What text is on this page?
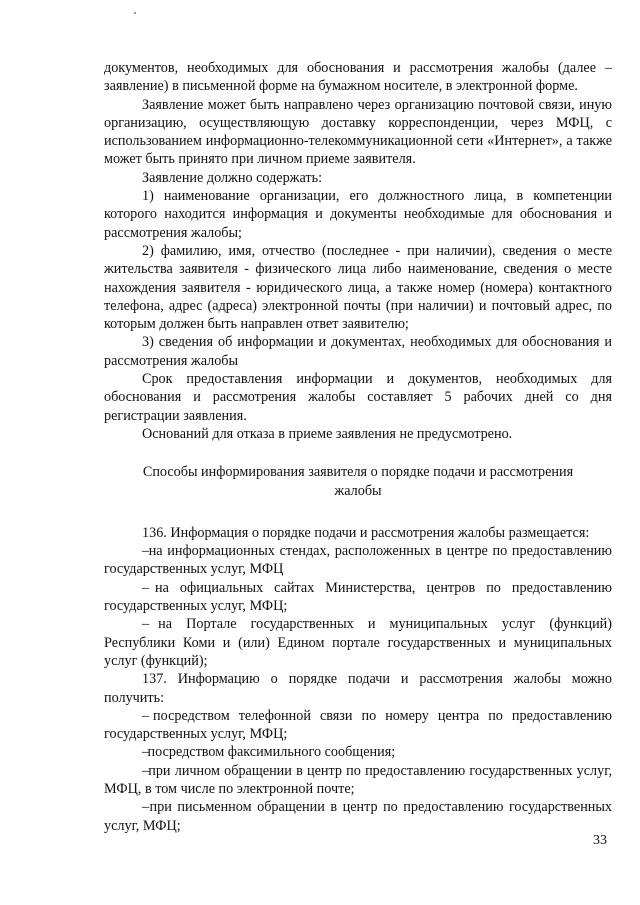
документов, необходимых для обоснования и рассмотрения жалобы (далее – заявление) в письменной форме на бумажном носителе, в электронной форме.

Заявление может быть направлено через организацию почтовой связи, иную организацию, осуществляющую доставку корреспонденции, через МФЦ, с использованием информационно-телекоммуникационной сети «Интернет», а также может быть принято при личном приеме заявителя.

Заявление должно содержать:

1) наименование организации, его должностного лица, в компетенции которого находится информация и документы необходимые для обоснования и рассмотрения жалобы;

2) фамилию, имя, отчество (последнее - при наличии), сведения о месте жительства заявителя - физического лица либо наименование, сведения о месте нахождения заявителя - юридического лица, а также номер (номера) контактного телефона, адрес (адреса) электронной почты (при наличии) и почтовый адрес, по которым должен быть направлен ответ заявителю;

3) сведения об информации и документах, необходимых для обоснования и рассмотрения жалобы

Срок предоставления информации и документов, необходимых для обоснования и рассмотрения жалобы составляет 5 рабочих дней со дня регистрации заявления.

Оснований для отказа в приеме заявления не предусмотрено.

Способы информирования заявителя о порядке подачи и рассмотрения жалобы

136. Информация о порядке подачи и рассмотрения жалобы размещается:

– на информационных стендах, расположенных в центре по предоставлению государственных услуг, МФЦ

– на официальных сайтах Министерства, центров по предоставлению государственных услуг, МФЦ;

– на Портале государственных и муниципальных услуг (функций) Республики Коми и (или) Едином портале государственных и муниципальных услуг (функций);

137. Информацию о порядке подачи и рассмотрения жалобы можно получить:

– посредством телефонной связи по номеру центра по предоставлению государственных услуг, МФЦ;

– посредством факсимильного сообщения;

– при личном обращении в центр по предоставлению государственных услуг, МФЦ, в том числе по электронной почте;

– при письменном обращении в центр по предоставлению государственных услуг, МФЦ;

33
